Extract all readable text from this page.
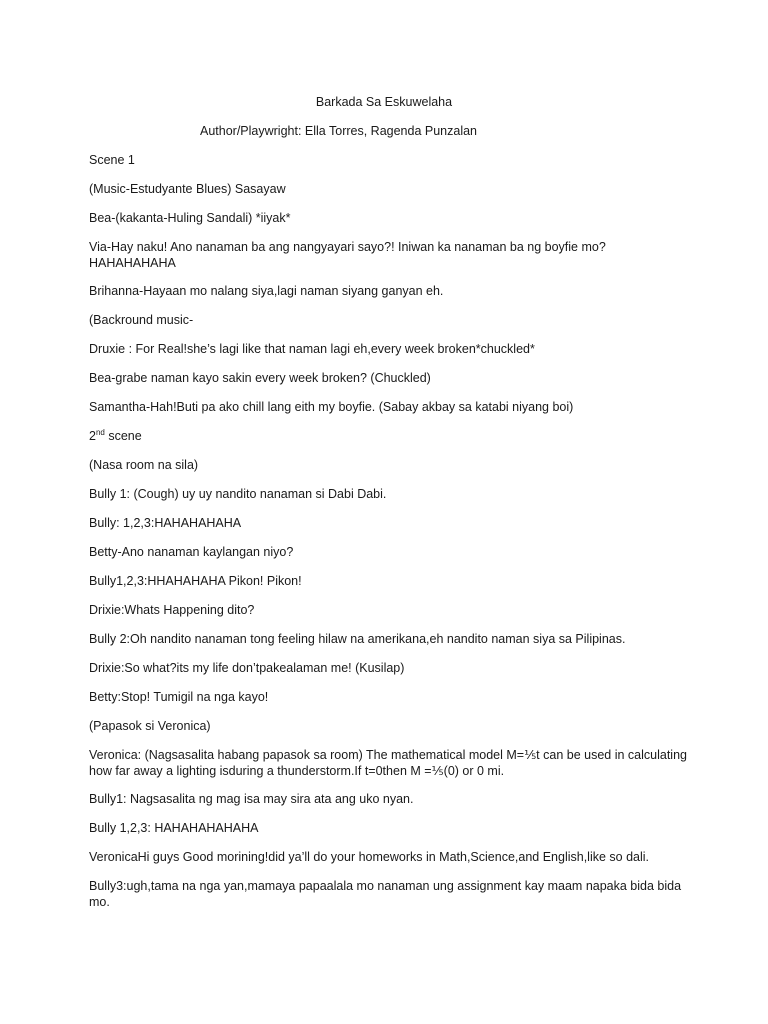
Barkada Sa Eskuwelaha

Author/Playwright: Ella Torres, Ragenda Punzalan

Scene 1

(Music-Estudyante Blues) Sasayaw

Bea-(kakanta-Huling Sandali) *iiyak*

Via-Hay naku! Ano nanaman ba ang nangyayari sayo?! Iniwan ka nanaman ba ng boyfie mo? HAHAHAHAHA

Brihanna-Hayaan mo nalang siya,lagi naman siyang ganyan eh.

(Backround music-

Druxie : For Real!she’s lagi like that naman lagi eh,every week broken*chuckled*

Bea-grabe naman kayo sakin every week broken? (Chuckled)

Samantha-Hah!Buti pa ako chill lang eith my boyfie. (Sabay akbay sa katabi niyang boi)

2nd scene

(Nasa room na sila)

Bully 1: (Cough) uy uy nandito nanaman si Dabi Dabi.

Bully: 1,2,3:HAHAHAHAHA

Betty-Ano nanaman kaylangan niyo?

Bully1,2,3:HHAHAHAHA Pikon! Pikon!

Drixie:Whats Happening dito?

Bully 2:Oh nandito nanaman tong feeling hilaw na amerikana,eh nandito naman siya sa Pilipinas.

Drixie:So what?its my life don’tpakealaman me! (Kusilap)

Betty:Stop! Tumigil na nga kayo!

(Papasok si Veronica)

Veronica: (Nagsasalita habang papasok sa room) The mathematical model M=⅕t can be used in calculating how far away a lighting isduring a thunderstorm.If t=0then M =⅕(0) or 0 mi.

Bully1: Nagsasalita ng mag isa may sira ata ang uko nyan.

Bully 1,2,3: HAHAHAHAHAHA

VeronicaHi guys Good morining!did ya’ll do your homeworks in Math,Science,and English,like so dali.

Bully3:ugh,tama na nga yan,mamaya papaalala mo nanaman ung assignment kay maam napaka bida bida mo.
